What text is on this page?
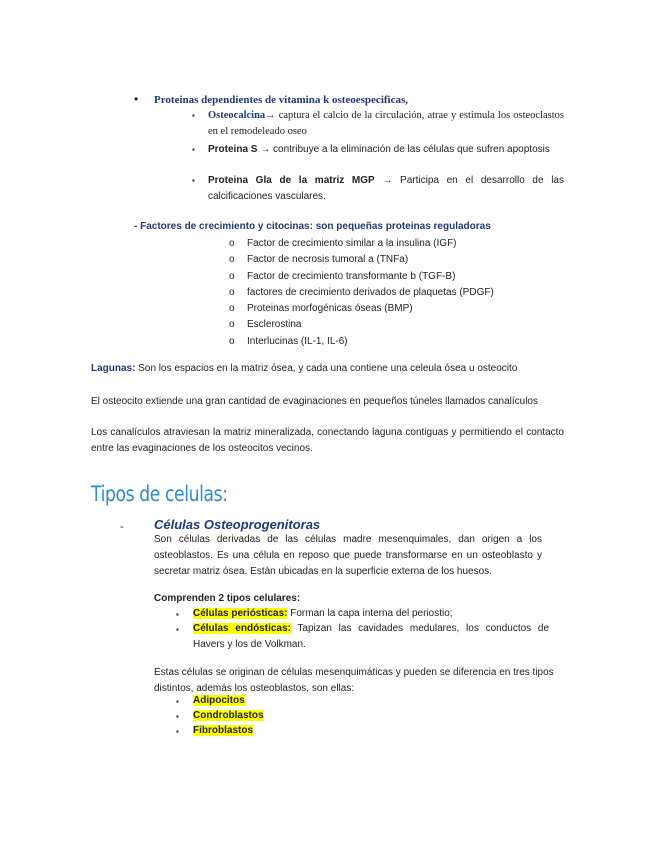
• Proteinas dependientes de vitamina k osteoespecificas,
▪ Osteocalcina→ captura el calcio de la circulación, atrae y estimula los osteoclastos en el remodeleado oseo
▪ Proteina S → contribuye a la eliminación de las células que sufren apoptosis
▪ Proteina Gla de la matriz MGP → Participa en el desarrollo de las calcificaciones vasculares.
- Factores de crecimiento y citocinas: son pequeñas proteinas reguladoras
o Factor de crecimiento similar a la insulina (IGF)
o Factor de necrosis tumoral a (TNFa)
o Factor de crecimiento transformante b (TGF-B)
o factores de crecimiento derivados de plaquetas (PDGF)
o Proteinas morfogénicas óseas (BMP)
o Esclerostina
o Interlucinas (IL-1, IL-6)
Lagunas: Son los espacios en la matriz ósea, y cada una contiene una celeula ósea u osteocito
El osteocito extiende una gran cantidad de evaginaciones en pequeños túneles llamados canalículos
Los canalículos atraviesan la matriz mineralizada, conectando laguna contiguas y permitiendo el contacto entre las evaginaciones de los osteocitos vecinos.
Tipos de celulas:
- Células Osteoprogenitoras
Son células derivadas de las células madre mesenquimales, dan origen a los osteoblastos. Es una célula en reposo que puede transformarse en un osteoblasto y secretar matriz ósea. Están ubicadas en la superficie externa de los huesos.
Comprenden 2 tipos celulares:
▪ Células periósticas: Forman la capa interna del periostio;
▪ Células endósticas: Tapizan las cavidades medulares, los conductos de Havers y los de Volkman.
Estas células se originan de células mesenquimáticas y pueden se diferencia en tres tipos distintos, además los osteoblastos, son ellas:
▪ Adipocitos
▪ Condroblastos
▪ Fibroblastos
